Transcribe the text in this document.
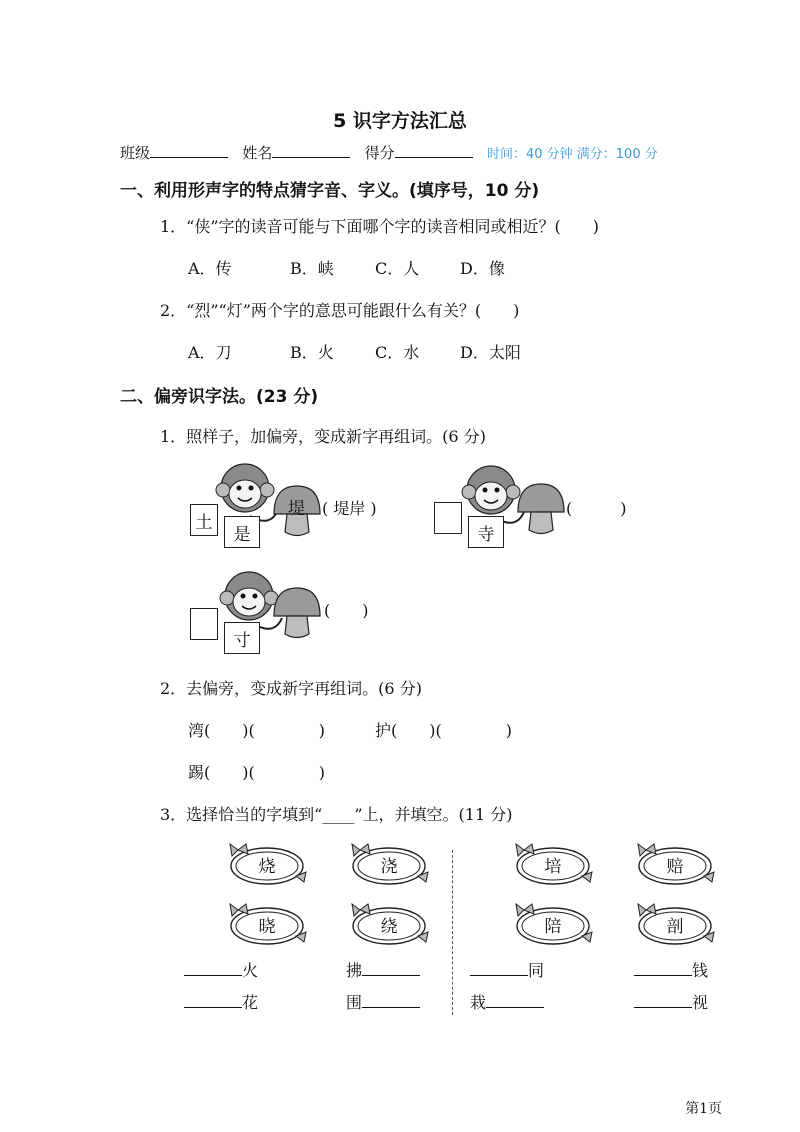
5 识字方法汇总
班级	姓名	得分	时间：40 分钟 满分：100 分
一、利用形声字的特点猜字音、字义。(填序号，10 分)
1．“侠”字的读音可能与下面哪个字的读音相同或相近？(　　)
A．传	B．峡	C．人	D．像
2．“烈”“灯”两个字的意思可能跟什么有关？(　　)
A．刀	B．火	C．水	D．太阳
二、偏旁识字法。(23 分)
1．照样子，加偏旁，变成新字再组词。(6 分)
土
是
堤 ( 堤岸 )
寺
(　　　)
寸
(　　)
2．去偏旁，变成新字再组词。(6 分)
湾(　　)(　　　　)	护(　　)(　　　　)
踢(　　)(　　　　)
3．选择恰当的字填到“____”上，并填空。(11 分)
烧	浇
晓	绕
培	赔
陪	剖
火	拂	同	钱
花	围	栽	视
第1页
